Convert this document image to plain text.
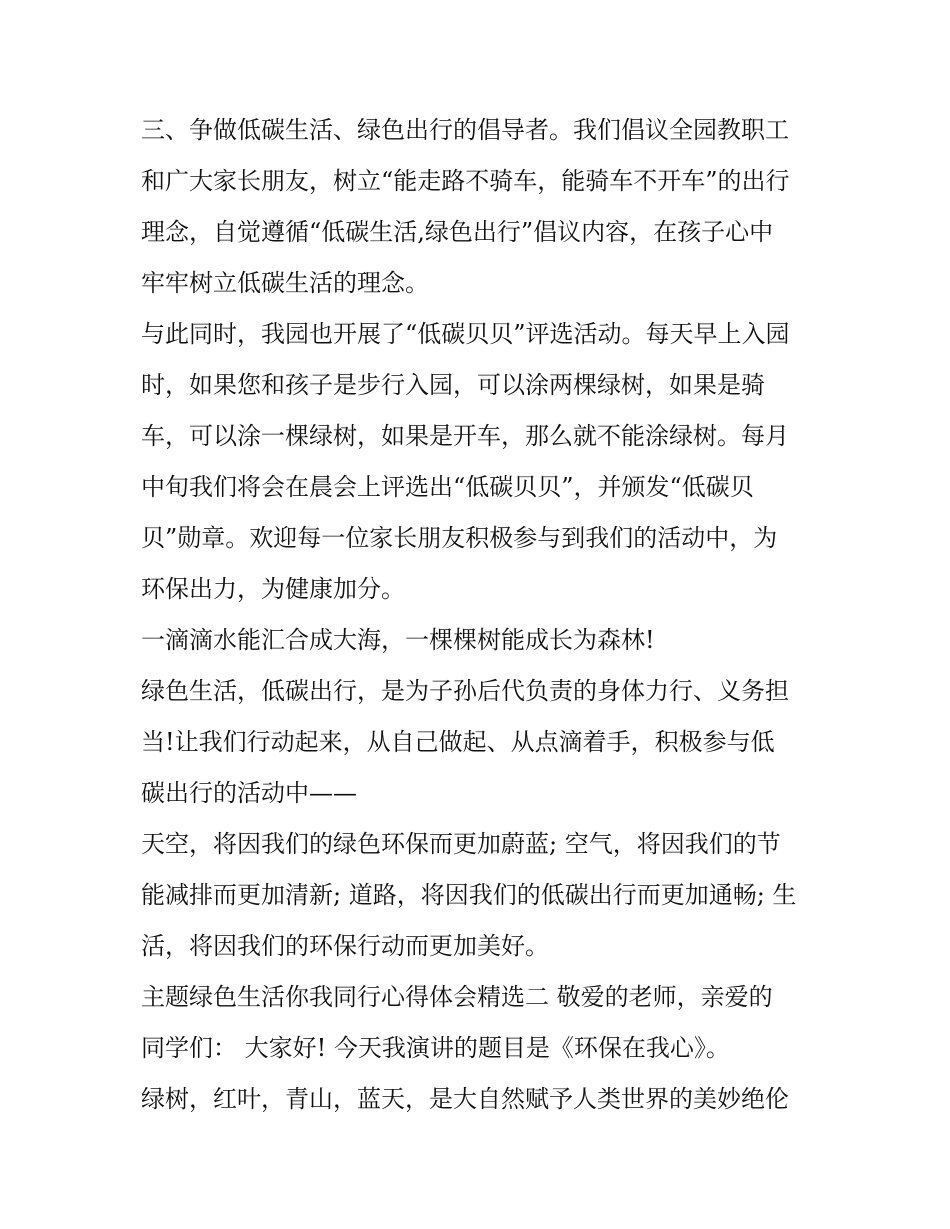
三、争做低碳生活、绿色出行的倡导者。我们倡议全园教职工
和广大家长朋友，树立“能走路不骑车，能骑车不开车”的出行
理念，自觉遵循“低碳生活,绿色出行”倡议内容，在孩子心中
牢牢树立低碳生活的理念。
与此同时，我园也开展了“低碳贝贝”评选活动。每天早上入园
时，如果您和孩子是步行入园，可以涂两棵绿树，如果是骑
车，可以涂一棵绿树，如果是开车，那么就不能涂绿树。每月
中旬我们将会在晨会上评选出“低碳贝贝”，并颁发“低碳贝
贝”勋章。欢迎每一位家长朋友积极参与到我们的活动中，为
环保出力，为健康加分。
一滴滴水能汇合成大海，一棵棵树能成长为森林!
绿色生活，低碳出行，是为子孙后代负责的身体力行、义务担
当!让我们行动起来，从自己做起、从点滴着手，积极参与低
碳出行的活动中——
天空，将因我们的绿色环保而更加蔚蓝; 空气，将因我们的节
能减排而更加清新; 道路，将因我们的低碳出行而更加通畅; 生
活，将因我们的环保行动而更加美好。
主题绿色生活你我同行心得体会精选二 敬爱的老师，亲爱的
同学们： 大家好! 今天我演讲的题目是《环保在我心》。
绿树，红叶，青山，蓝天，是大自然赋予人类世界的美妙绝伦
